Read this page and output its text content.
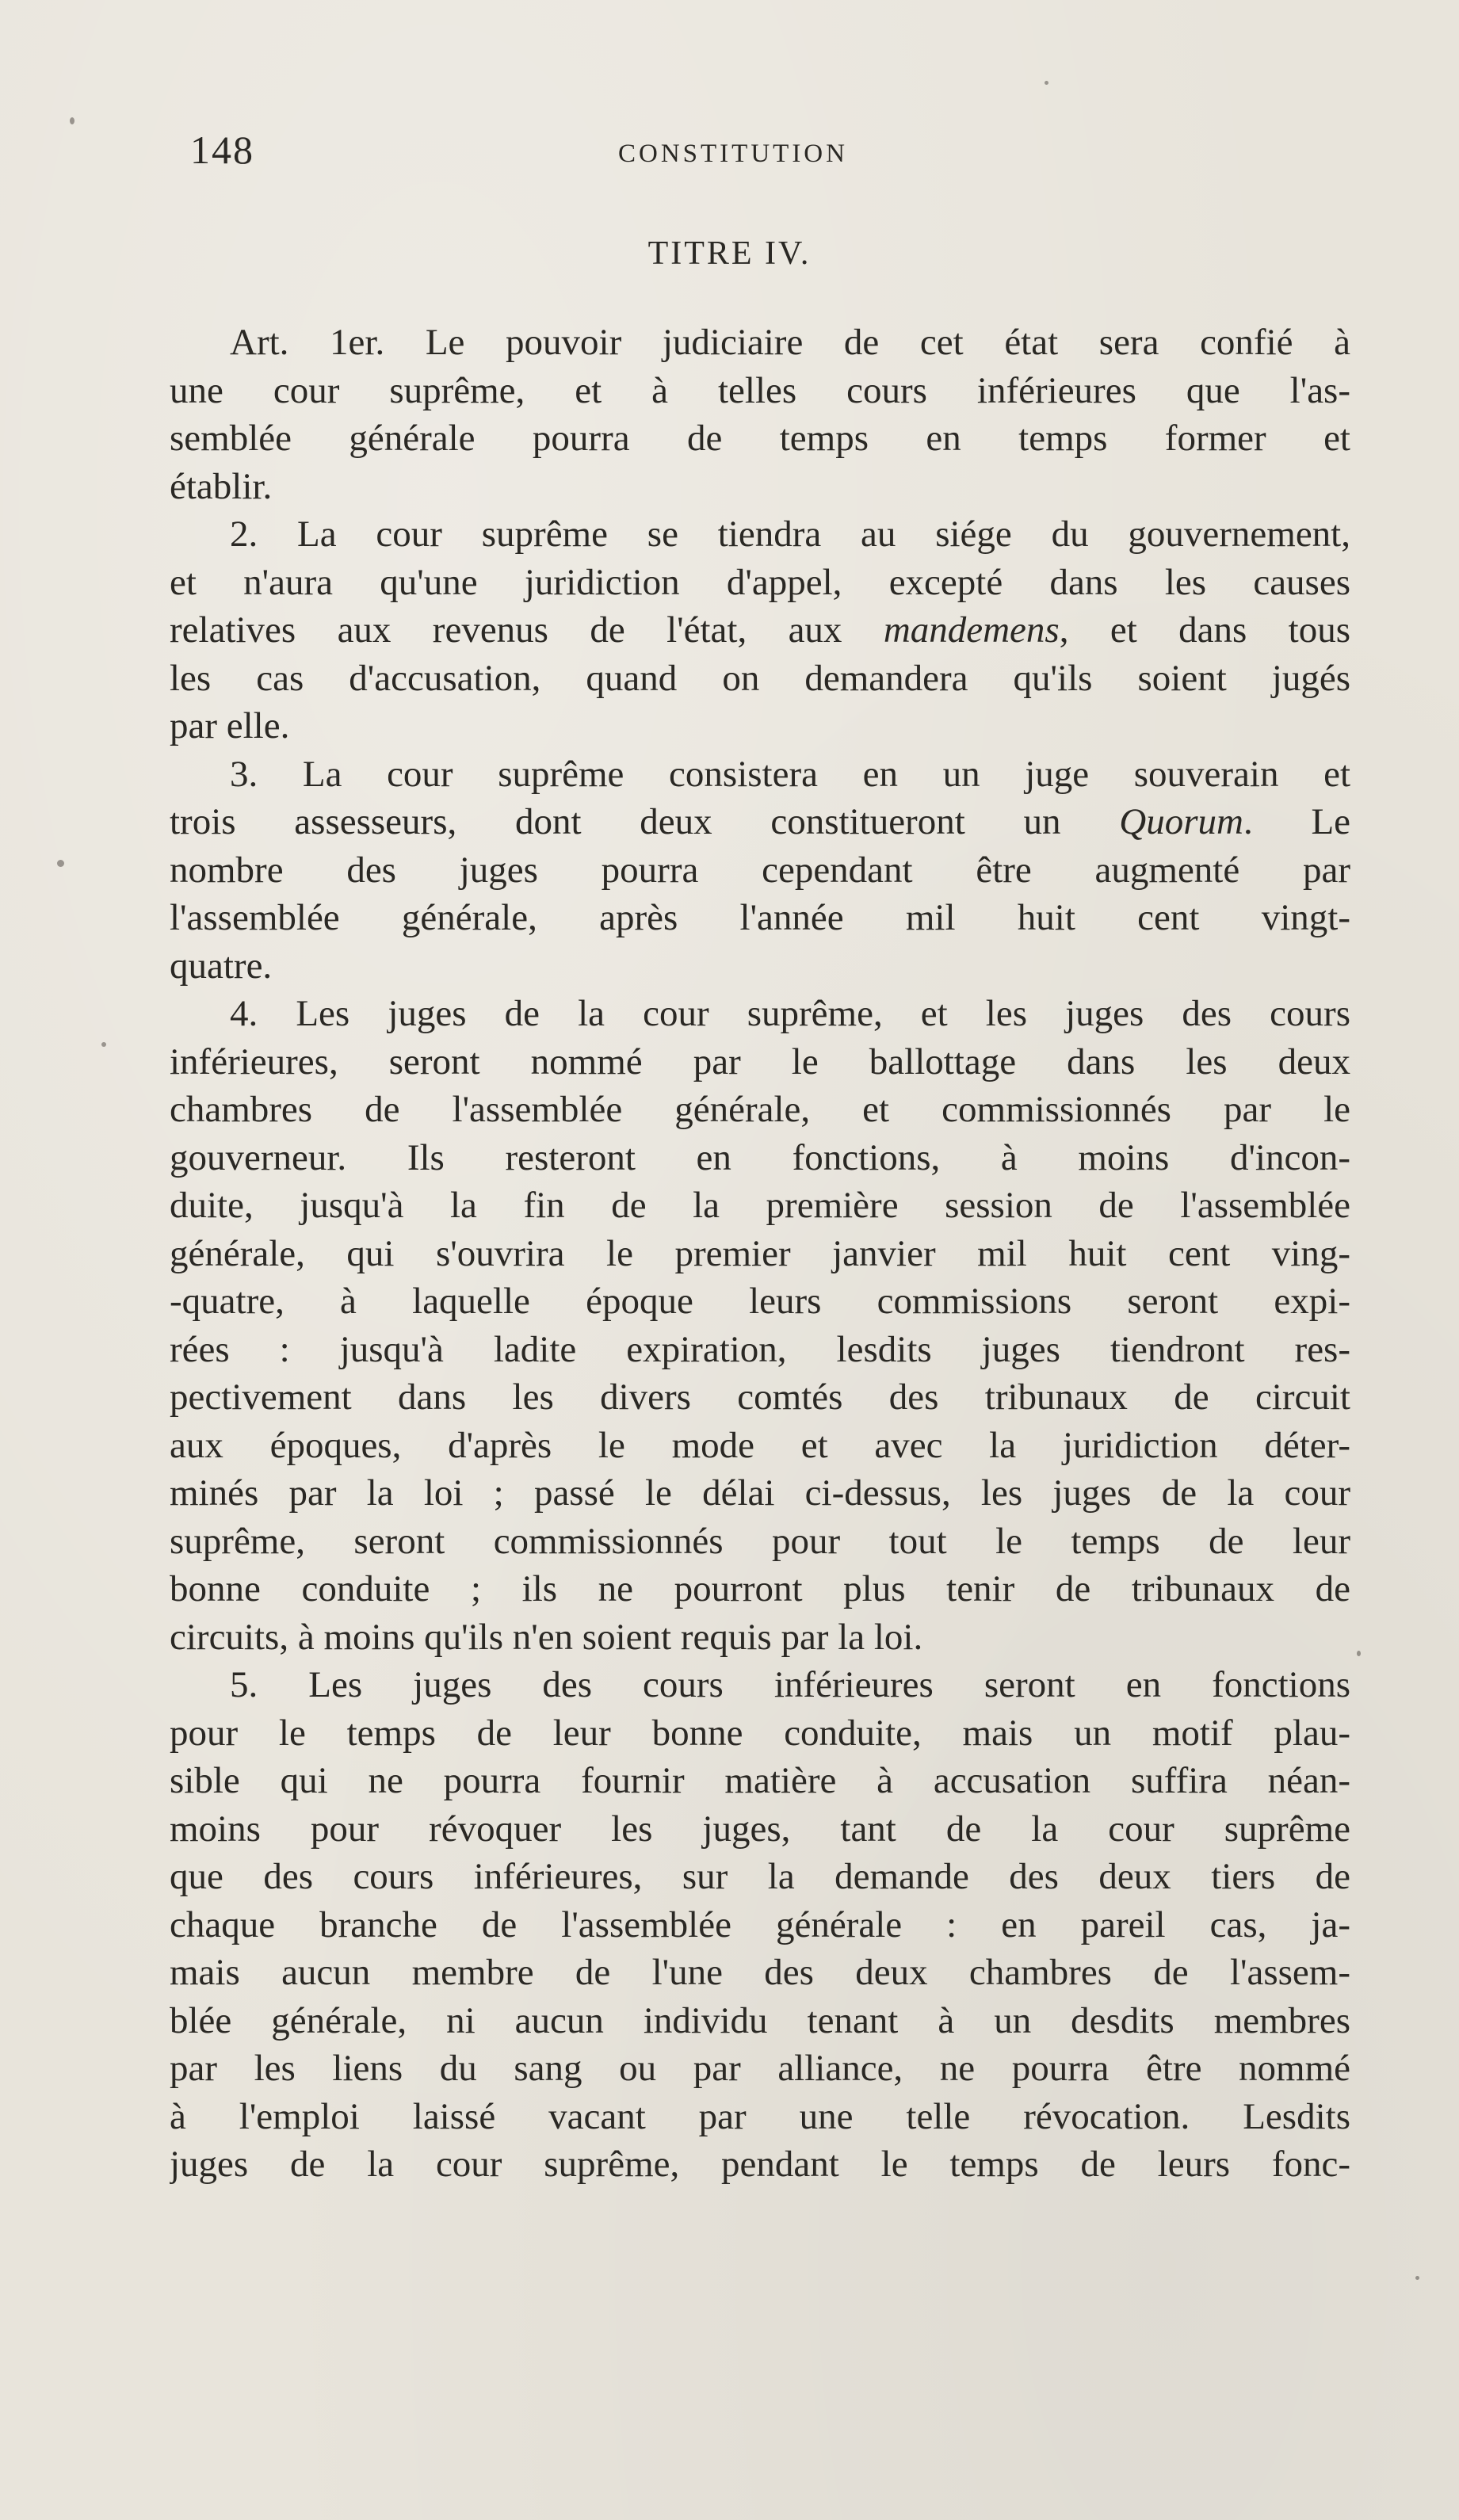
148	CONSTITUTION
TITRE IV.
Art. 1er. Le pouvoir judiciaire de cet état sera confié à
une cour suprême, et à telles cours inférieures que l'as-
semblée générale pourra de temps en temps former et
établir.
2. La cour suprême se tiendra au siége du gouvernement,
et n'aura qu'une juridiction d'appel, excepté dans les causes
relatives aux revenus de l'état, aux mandemens, et dans tous
les cas d'accusation, quand on demandera qu'ils soient jugés
par elle.
3. La cour suprême consistera en un juge souverain et
trois assesseurs, dont deux constitueront un Quorum. Le
nombre des juges pourra cependant être augmenté par
l'assemblée générale, après l'année mil huit cent vingt-
quatre.
4. Les juges de la cour suprême, et les juges des cours
inférieures, seront nommé par le ballottage dans les deux
chambres de l'assemblée générale, et commissionnés par le
gouverneur. Ils resteront en fonctions, à moins d'incon-
duite, jusqu'à la fin de la première session de l'assemblée
générale, qui s'ouvrira le premier janvier mil huit cent ving-
-quatre, à laquelle époque leurs commissions seront expi-
rées : jusqu'à ladite expiration, lesdits juges tiendront res-
pectivement dans les divers comtés des tribunaux de circuit
aux époques, d'après le mode et avec la juridiction déter-
minés par la loi ; passé le délai ci-dessus, les juges de la cour
suprême, seront commissionnés pour tout le temps de leur
bonne conduite ; ils ne pourront plus tenir de tribunaux de
circuits, à moins qu'ils n'en soient requis par la loi.
5. Les juges des cours inférieures seront en fonctions
pour le temps de leur bonne conduite, mais un motif plau-
sible qui ne pourra fournir matière à accusation suffira néan-
moins pour révoquer les juges, tant de la cour suprême
que des cours inférieures, sur la demande des deux tiers de
chaque branche de l'assemblée générale : en pareil cas, ja-
mais aucun membre de l'une des deux chambres de l'assem-
blée générale, ni aucun individu tenant à un desdits membres
par les liens du sang ou par alliance, ne pourra être nommé
à l'emploi laissé vacant par une telle révocation. Lesdits
juges de la cour suprême, pendant le temps de leurs fonc-
